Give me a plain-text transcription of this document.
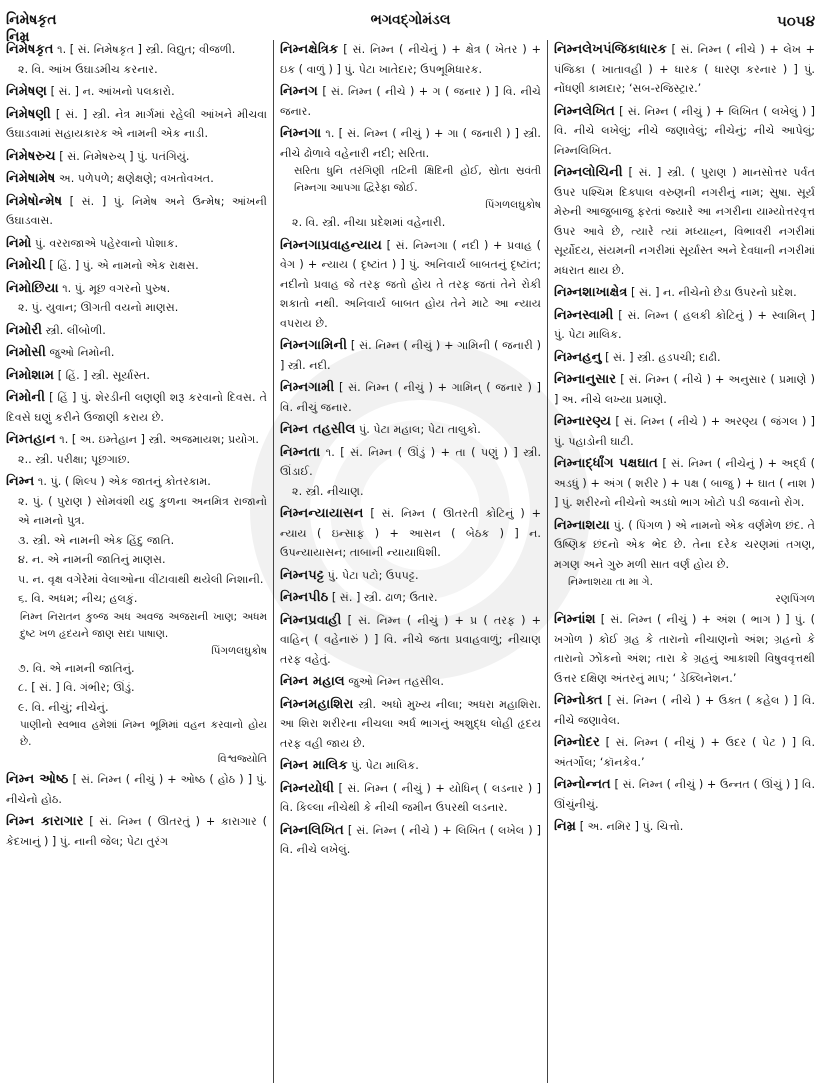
નિમેષકૃત
નિમ્ર
ભગવદ્ગોમંડલ	૫૦૫૪
નિમેષકૃત ૧. [ સં. નિમેષકૃત ] સ્ત્રી. વિદ્યુત; વીજળી.
૨. વિ. આંખ ઉઘાડમીચ કરનાર.
નિમેષણ [ સં. ] ન. આંખનો પલકારો.
નિમેષણી [ સં. ] સ્ત્રી. નેત્ર માર્ગમાં રહેલી આંખને મીચવા ઉઘાડવામાં સહાયકારક એ નામની એક નાડી.
નિમેષરુચ [ સં. નિમેષરુચ્ ] પું. પતંગિયું.
નિમેષામેષ અ. પળેપળે; ક્ષણેક્ષણે; વખતોવખત.
નિમેષોન્મેષ [ સં. ] પું. નિમેષ અને ઉન્મેષ; આંખની ઉઘાડવાસ.
નિમો પું. વરરાજાએ પહેરવાનો પોશાક.
નિમોચી [ હિં. ] પું. એ નામનો એક રાક્ષસ.
નિમોછિયા ૧. પું. મૂછ વગરનો પુરુષ.
૨. પું. યુવાન; ઊગતી વયનો માણસ.
નિમોરી સ્ત્રી. લીંબોળી.
નિમોસી જુઓ નિમોની.
નિમોશામ [ હિં. ] સ્ત્રી. સૂર્યાસ્ત.
નિમોની [ હિં ] પું. શેરડીની લણણી શરૂ કરવાનો દિવસ. તે દિવસે ઘણું કરીને ઉજાણી કરાય છે.
નિમ્તહાન ૧. [ અ. ઇમ્તેહાન ] સ્ત્રી. અજમાયશ; પ્રયોગ.
૨.. સ્ત્રી. પરીક્ષા; પૂછગાછ.
નિમ્ન ૧. પું. ( શિલ્પ ) એક જાતનું કોતરકામ.
૨. પું. ( પુરાણ ) સોમવંશી યદુ કુળના અનમિત્ર રાજાનો એ નામનો પુત્ર.
૩. સ્ત્રી. એ નામની એક હિંદુ જાતિ.
૪. ન. એ નામની જાતિનું માણસ.
૫. ન. વૃક્ષ વગેરેમાં વેલાઓના વીંટાવાથી થયેલી નિશાની.
૬. વિ. અધમ; નીચ; હલકું.
નિમ્ન નિરાતન કુબ્જ અધ અવજ અજરાની ખાણ; અધમ દુષ્ટ ખળ હૃદયને જાણ સદા પાષાણ.
પિંગળલઘુકોષ
૭. વિ. એ નામની જાતિનું.
૮. [ સં. ] વિ. ગંભીર; ઊંડું.
૯. વિ. નીચું; નીચેનું.
પાણીનો સ્વભાવ હમેશાં નિમ્ન ભૂમિમાં વહન કરવાનો હોય છે.
વિશ્વજ્યોતિ
નિમ્ન ઓષ્ઠ [ સં. નિમ્ન ( નીચું ) + ઓષ્ઠ ( હોઠ ) ] પું. નીચેનો હોઠ.
નિમ્ન કારાગાર [ સં. નિમ્ન ( ઊતરતું ) + કારાગાર ( કેદખાનું ) ] પું. નાની જેલ; પેટા તુરંગ
નિમ્નક્ષેત્રિક [ સં. નિમ્ન ( નીચેનું ) + ક્ષેત્ર ( ખેતર ) + ઇક ( વાળું ) ] પું. પેટા ખાતેદાર; ઉપભૂમિધારક.
નિમ્નગ [ સં. નિમ્ન ( નીચે ) + ગ ( જનાર ) ] વિ. નીચે જનાર.
નિમ્નગા ૧. [ સં. નિમ્ન ( નીચું ) + ગા ( જનારી ) ] સ્ત્રી. નીચે ઢોળાવે વહેનારી નદી; સરિતા.
સરિતા ધુનિ તરંગિણી તટિની ક્ષિદિની હોઈ, સ્રોતા સ્રવંતી નિમ્નગા આપગા દ્વિરેફા જોઈ.
પિંગળલઘુકોષ
૨. વિ. સ્ત્રી. નીચા પ્રદેશમાં વહેનારી.
નિમ્નગાપ્રવાહન્યાય [ સં. નિમ્નગા ( નદી ) + પ્રવાહ ( વેગ ) + ન્યાય ( દૃષ્ટાંત ) ] પું. અનિવાર્ય બાબતનું દૃષ્ટાંત; નદીનો પ્રવાહ જે તરફ જતો હોય તે તરફ જતાં તેને રોકી શકાતો નથી. અનિવાર્ય બાબત હોય તેને માટે આ ન્યાય વપરાય છે.
નિમ્નગામિની [ સં. નિમ્ન ( નીચું ) + ગામિની ( જનારી ) ] સ્ત્રી. નદી.
નિમ્નગામી [ સં. નિમ્ન ( નીચું ) + ગામિન્ ( જનાર ) ] વિ. નીચું જનાર.
નિમ્ન તહસીલ પું. પેટા મહાલ; પેટા તાલુકો.
નિમ્નતા ૧. [ સં. નિમ્ન ( ઊંડું ) + તા ( પણું ) ] સ્ત્રી. ઊંડાઈ.
૨. સ્ત્રી. નીચાણ.
નિમ્નન્યાયાસન [ સં. નિમ્ન ( ઊતરતી કોટિનું ) + ન્યાય ( ઇન્સાફ ) + આસન ( બેઠક ) ] ન. ઉપન્યાયાસન; તાબાની ન્યાયાધિશી.
નિમ્નપટ્ટ પું. પેટા પટો; ઉપપટ્ટ.
નિમ્નપીઠ [ સં. ] સ્ત્રી. ઢાળ; ઉતાર.
નિમ્નપ્રવાહી [ સં. નિમ્ન ( નીચું ) + પ્ર ( તરફ ) + વાહિન્ ( વહેનારું ) ] વિ. નીચે જતા પ્રવાહવાળું; નીચાણ તરફ વહેતું.
નિમ્ન મહાલ જુઓ નિમ્ન તહસીલ.
નિમ્નમહાશિરા સ્ત્રી. અધો મુખ્ય નીલા; અધરા મહાશિરા. આ શિરા શરીરના નીચલા અર્ધ ભાગનું અશુદ્ધ લોહી હૃદય તરફ વહી જાય છે.
નિમ્ન માલિક પું. પેટા માલિક.
નિમ્નયોધી [ સં. નિમ્ન ( નીચું ) + યોધિન્ ( લડનાર ) ] વિ. કિલ્લા નીચેથી કે નીચી જમીન ઉપરથી લડનાર.
નિમ્નલિખિત [ સં. નિમ્ન ( નીચે ) + લિખિત ( લખેલ ) ] વિ. નીચે લખેલું.
નિમ્નલેખપંજિકાધારક [ સં. નિમ્ન ( નીચે ) + લેખ + પંજિકા ( ખાતાવહી ) + ધારક ( ધારણ કરનાર ) ] પું. નોંધણી કામદાર; ‘સબ-રજિસ્ટ્રાર.’
નિમ્નલેખિત [ સં. નિમ્ન ( નીચું ) + લિખિત ( લખેલું ) ] વિ. નીચે લખેલું; નીચે જણાવેલું; નીચેનું; નીચે આપેલું; નિમ્નલિખિત.
નિમ્નલોચિની [ સં. ] સ્ત્રી. ( પુરાણ ) માનસોત્તર પર્વત ઉપર પશ્ચિમ દિક્પાલ વરુણની નગરીનું નામ; સુષા. સૂર્ય મેરુની આજુબાજુ ફરતાં જ્યારે આ નગરીના યામ્યોત્તરવૃત્ત ઉપર આવે છે, ત્યારે ત્યાં મધ્યાહ્ન, વિભાવરી નગરીમાં સૂર્યોદય, સંયમની નગરીમાં સૂર્યાસ્ત અને દેવધાની નગરીમાં મધરાત થાય છે.
નિમ્નશાખાક્ષેત્ર [ સં. ] ન. નીચેનો છેડા ઉપરનો પ્રદેશ.
નિમ્નસ્વામી [ સં. નિમ્ન ( હલકી કોટિનું ) + સ્વામિન્ ] પું. પેટા માલિક.
નિમ્નહનુ [ સં. ] સ્ત્રી. હડપચી; દાઢી.
નિમ્નાનુસાર [ સં. નિમ્ન ( નીચે ) + અનુસાર ( પ્રમાણે ) ] અ. નીચે લખ્યા પ્રમાણે.
નિમ્નારણ્ય [ સં. નિમ્ન ( નીચે ) + અરણ્ય ( જંગલ ) ] પું. પહાડોની ઘાટી.
નિમ્નાર્દ્ધાંગ પક્ષઘાત [ સં. નિમ્ન ( નીચેનું ) + અર્દ્ધ ( અડધું ) + અંગ ( શરીર ) + પક્ષ ( બાજુ ) + ઘાત ( નાશ ) ] પું. શરીરનો નીચેનો અડધો ભાગ ખોટો પડી જવાનો રોગ.
નિમ્નાશયા પું. ( પિંગળ ) એ નામનો એક વર્ણમેળ છંદ. તે ઉષ્ણિક છંદનો એક ભેદ છે. તેના દરેક ચરણમાં તગણ, મગણ અને ગુરુ મળી સાત વર્ણ હોય છે.
નિમ્નાશયા તા મા ગે.
રણપિંગળ
નિમ્નાંશ [ સં. નિમ્ન ( નીચું ) + અંશ ( ભાગ ) ] પું. ( ખગોળ ) કોઈ ગ્રહ કે તારાનો નીચાણનો અંશ; ગ્રહનો કે તારાનો ઝોંકનો અંશ; તારા કે ગ્રહનું આકાશી વિષુવવૃત્તથી ઉત્તર દક્ષિણ અંતરનું માપ; ‘ ડેક્લિનેશન.’
નિમ્નોક્ત [ સં. નિમ્ન ( નીચે ) + ઉક્ત ( કહેલ ) ] વિ. નીચે જણાવેલ.
નિમ્નોદર [ સં. નિમ્ન ( નીચું ) + ઉદર ( પેટ ) ] વિ. અંતર્ગોલ; ‘કૉનકેવ.’
નિમ્નોન્નત [ સં. નિમ્ન ( નીચું ) + ઉન્નત ( ઊંચું ) ] વિ. ઊંચુંનીચું.
નિમ્ર [ અ. નમિર ] પું. ચિત્તો.
